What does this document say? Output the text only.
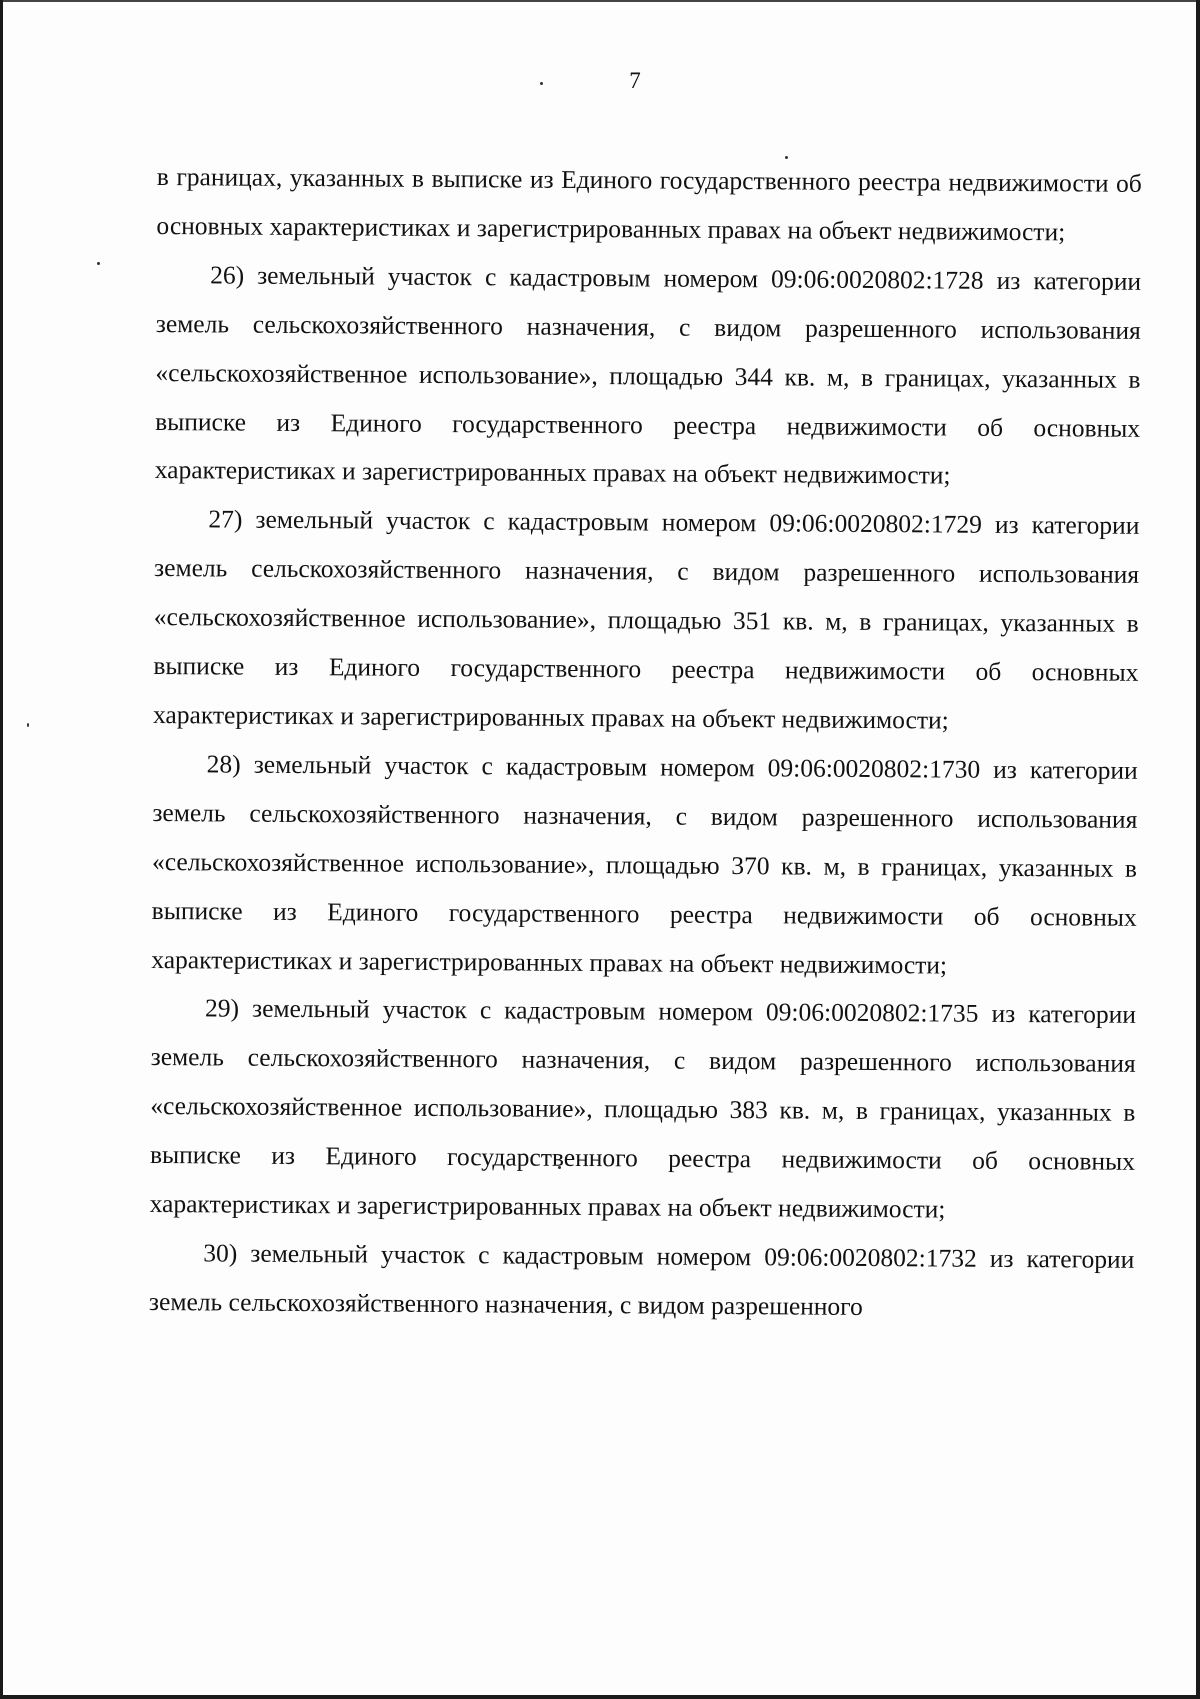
7

в границах, указанных в выписке из Единого государственного реестра недвижимости об основных характеристиках и зарегистрированных правах на объект недвижимости;

26) земельный участок с кадастровым номером 09:06:0020802:1728 из категории земель сельскохозяйственного назначения, с видом разрешенного использования «сельскохозяйственное использование», площадью 344 кв. м, в границах, указанных в выписке из Единого государственного реестра недвижимости об основных характеристиках и зарегистрированных правах на объект недвижимости;

27) земельный участок с кадастровым номером 09:06:0020802:1729 из категории земель сельскохозяйственного назначения, с видом разрешенного использования «сельскохозяйственное использование», площадью 351 кв. м, в границах, указанных в выписке из Единого государственного реестра недвижимости об основных характеристиках и зарегистрированных правах на объект недвижимости;

28) земельный участок с кадастровым номером 09:06:0020802:1730 из категории земель сельскохозяйственного назначения, с видом разрешенного использования «сельскохозяйственное использование», площадью 370 кв. м, в границах, указанных в выписке из Единого государственного реестра недвижимости об основных характеристиках и зарегистрированных правах на объект недвижимости;

29) земельный участок с кадастровым номером 09:06:0020802:1735 из категории земель сельскохозяйственного назначения, с видом разрешенного использования «сельскохозяйственное использование», площадью 383 кв. м, в границах, указанных в выписке из Единого государственного реестра недвижимости об основных характеристиках и зарегистрированных правах на объект недвижимости;

30) земельный участок с кадастровым номером 09:06:0020802:1732 из категории земель сельскохозяйственного назначения, с видом разрешенного
